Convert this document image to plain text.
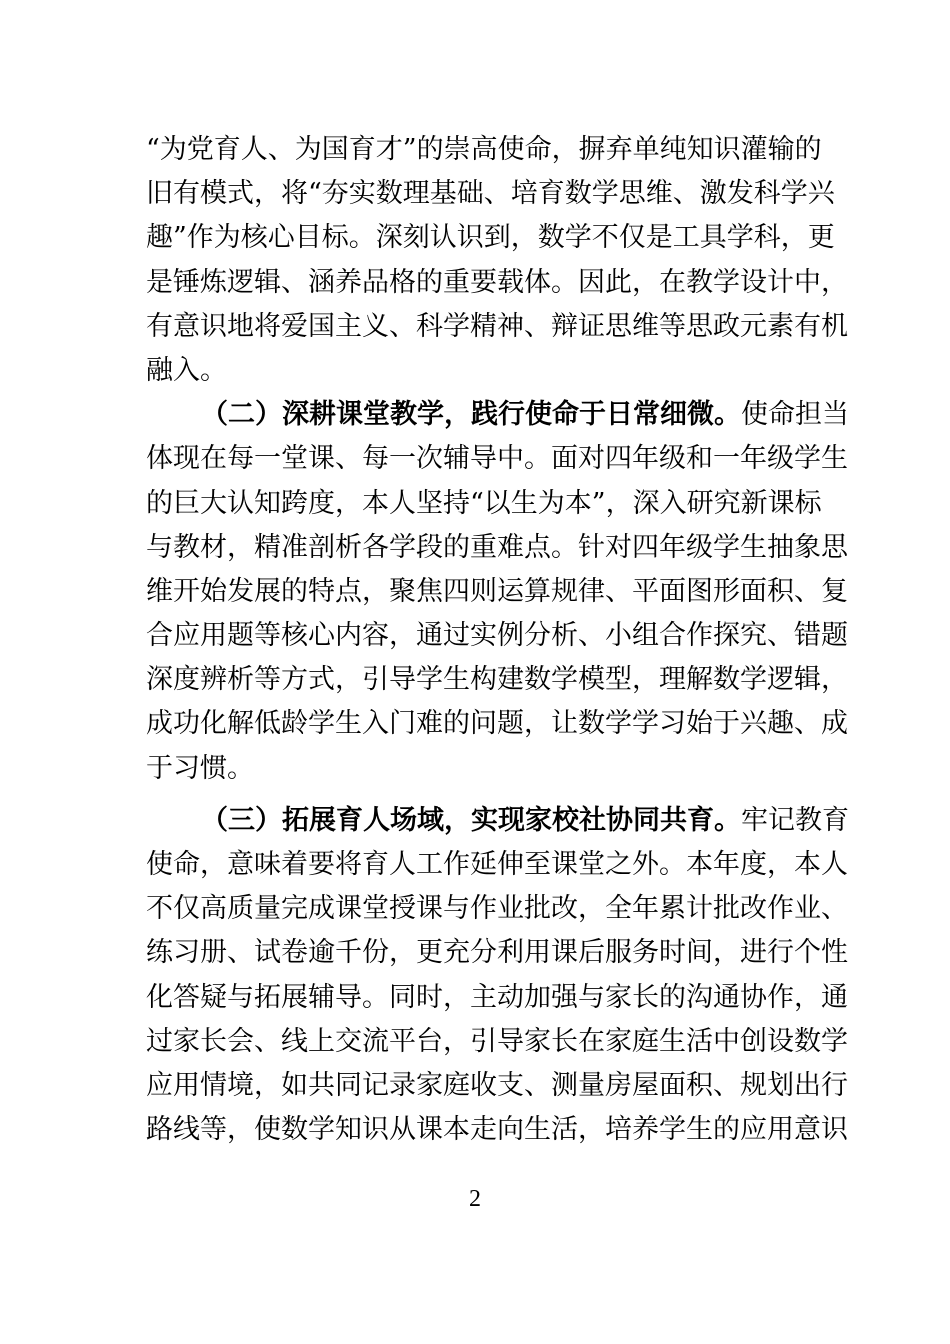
“为党育人、为国育才”的崇高使命，摒弃单纯知识灌输的
旧有模式，将“夯实数理基础、培育数学思维、激发科学兴
趣”作为核心目标。深刻认识到，数学不仅是工具学科，更
是锤炼逻辑、涵养品格的重要载体。因此，在教学设计中，
有意识地将爱国主义、科学精神、辩证思维等思政元素有机
融入。
（二）深耕课堂教学，践行使命于日常细微。使命担当
体现在每一堂课、每一次辅导中。面对四年级和一年级学生
的巨大认知跨度，本人坚持“以生为本”，深入研究新课标
与教材，精准剖析各学段的重难点。针对四年级学生抽象思
维开始发展的特点，聚焦四则运算规律、平面图形面积、复
合应用题等核心内容，通过实例分析、小组合作探究、错题
深度辨析等方式，引导学生构建数学模型，理解数学逻辑，
成功化解低龄学生入门难的问题，让数学学习始于兴趣、成
于习惯。
（三）拓展育人场域，实现家校社协同共育。牢记教育
使命，意味着要将育人工作延伸至课堂之外。本年度，本人
不仅高质量完成课堂授课与作业批改，全年累计批改作业、
练习册、试卷逾千份，更充分利用课后服务时间，进行个性
化答疑与拓展辅导。同时，主动加强与家长的沟通协作，通
过家长会、线上交流平台，引导家长在家庭生活中创设数学
应用情境，如共同记录家庭收支、测量房屋面积、规划出行
路线等，使数学知识从课本走向生活，培养学生的应用意识
2
